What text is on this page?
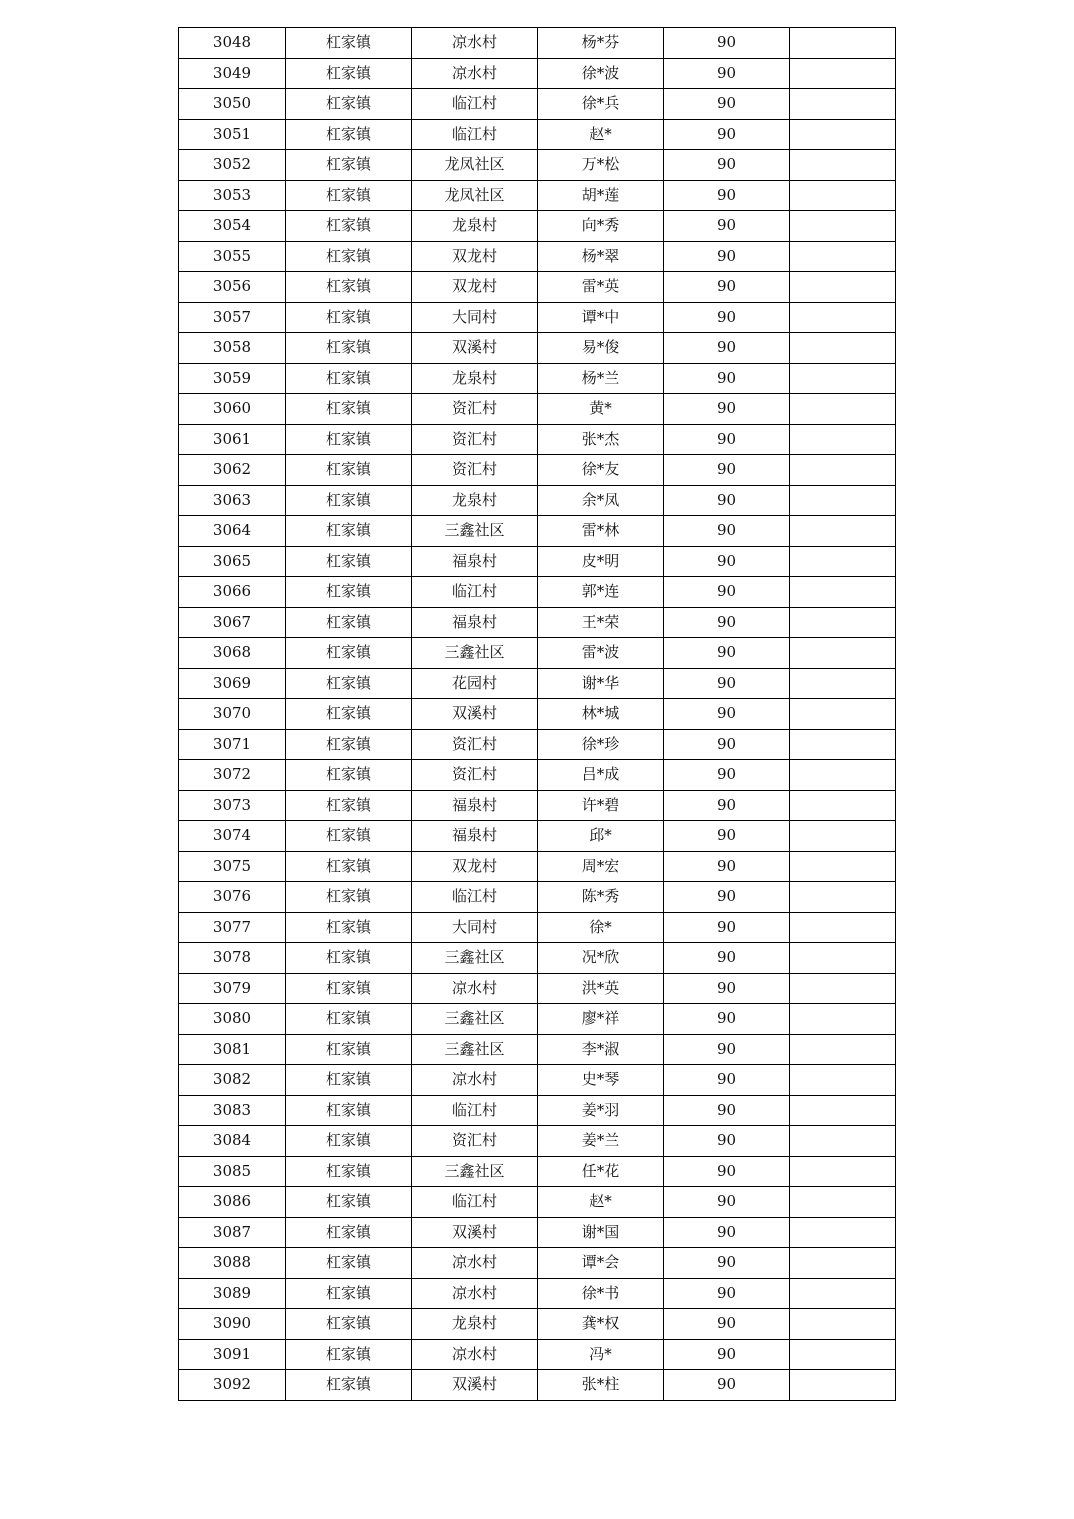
3048	杠家镇	凉水村	杨*芬	90	
3049	杠家镇	凉水村	徐*波	90	
3050	杠家镇	临江村	徐*兵	90	
3051	杠家镇	临江村	赵*	90	
3052	杠家镇	龙凤社区	万*松	90	
3053	杠家镇	龙凤社区	胡*莲	90	
3054	杠家镇	龙泉村	向*秀	90	
3055	杠家镇	双龙村	杨*翠	90	
3056	杠家镇	双龙村	雷*英	90	
3057	杠家镇	大同村	谭*中	90	
3058	杠家镇	双溪村	易*俊	90	
3059	杠家镇	龙泉村	杨*兰	90	
3060	杠家镇	资汇村	黄*	90	
3061	杠家镇	资汇村	张*杰	90	
3062	杠家镇	资汇村	徐*友	90	
3063	杠家镇	龙泉村	余*凤	90	
3064	杠家镇	三鑫社区	雷*林	90	
3065	杠家镇	福泉村	皮*明	90	
3066	杠家镇	临江村	郭*连	90	
3067	杠家镇	福泉村	王*荣	90	
3068	杠家镇	三鑫社区	雷*波	90	
3069	杠家镇	花园村	谢*华	90	
3070	杠家镇	双溪村	林*城	90	
3071	杠家镇	资汇村	徐*珍	90	
3072	杠家镇	资汇村	吕*成	90	
3073	杠家镇	福泉村	许*碧	90	
3074	杠家镇	福泉村	邱*	90	
3075	杠家镇	双龙村	周*宏	90	
3076	杠家镇	临江村	陈*秀	90	
3077	杠家镇	大同村	徐*	90	
3078	杠家镇	三鑫社区	况*欣	90	
3079	杠家镇	凉水村	洪*英	90	
3080	杠家镇	三鑫社区	廖*祥	90	
3081	杠家镇	三鑫社区	李*淑	90	
3082	杠家镇	凉水村	史*琴	90	
3083	杠家镇	临江村	姜*羽	90	
3084	杠家镇	资汇村	姜*兰	90	
3085	杠家镇	三鑫社区	任*花	90	
3086	杠家镇	临江村	赵*	90	
3087	杠家镇	双溪村	谢*国	90	
3088	杠家镇	凉水村	谭*会	90	
3089	杠家镇	凉水村	徐*书	90	
3090	杠家镇	龙泉村	龚*权	90	
3091	杠家镇	凉水村	冯*	90	
3092	杠家镇	双溪村	张*柱	90	
